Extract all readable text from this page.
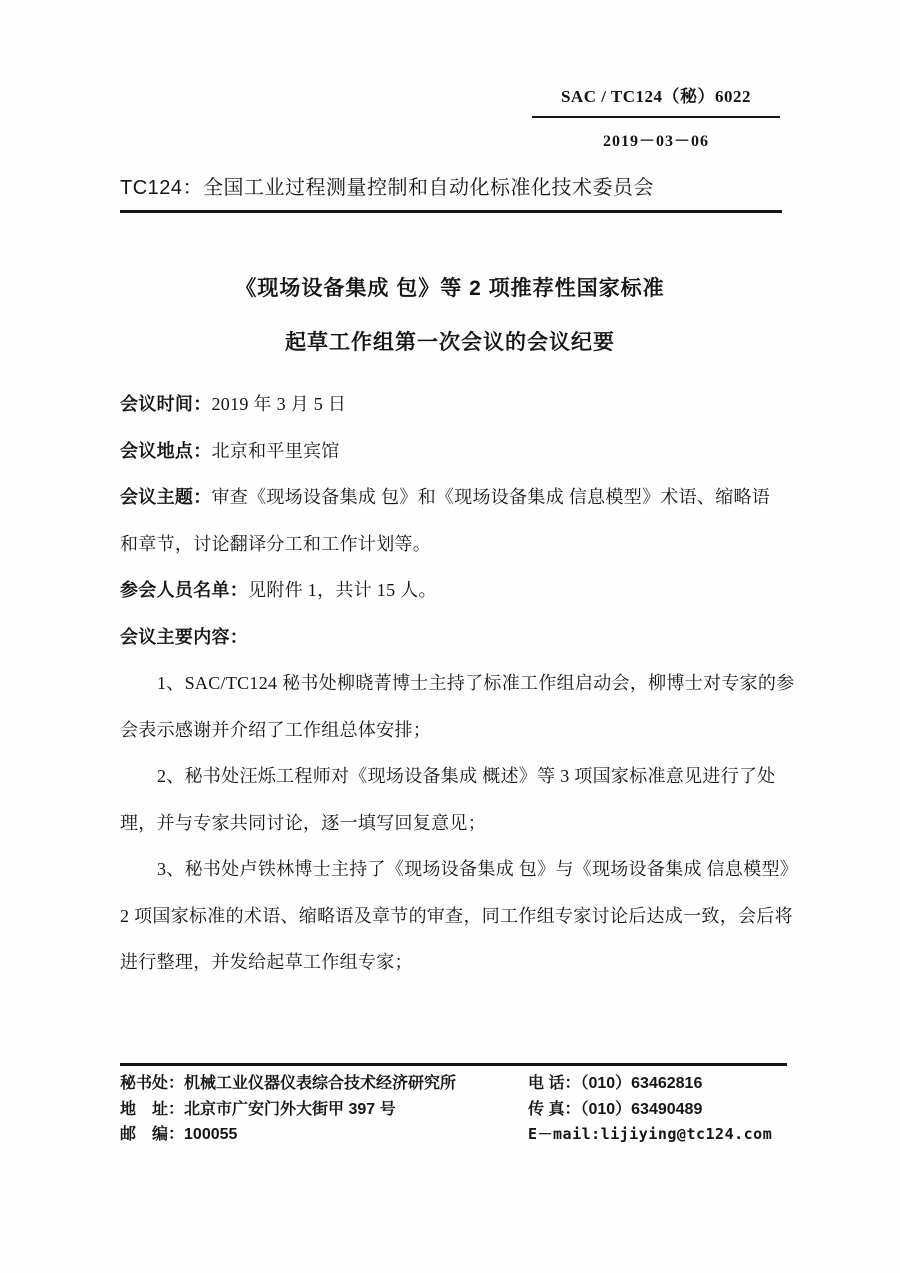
SAC / TC124（秘）6022
2019－03－06
TC124：全国工业过程测量控制和自动化标准化技术委员会
《现场设备集成 包》等 2 项推荐性国家标准
起草工作组第一次会议的会议纪要
会议时间：2019 年 3 月 5 日
会议地点：北京和平里宾馆
会议主题：审查《现场设备集成 包》和《现场设备集成 信息模型》术语、缩略语
和章节，讨论翻译分工和工作计划等。
参会人员名单：见附件 1，共计 15 人。
会议主要内容：
1、SAC/TC124 秘书处柳晓菁博士主持了标准工作组启动会，柳博士对专家的参
会表示感谢并介绍了工作组总体安排；
2、秘书处汪烁工程师对《现场设备集成 概述》等 3 项国家标准意见进行了处
理，并与专家共同讨论，逐一填写回复意见；
3、秘书处卢铁林博士主持了《现场设备集成 包》与《现场设备集成 信息模型》
2 项国家标准的术语、缩略语及章节的审查，同工作组专家讨论后达成一致，会后将
进行整理，并发给起草工作组专家；
秘书处：机械工业仪器仪表综合技术经济研究所
地　址：北京市广安门外大街甲 397 号
邮　编：100055
电 话：（010）63462816
传 真：（010）63490489
E－mail:lijiying@tc124.com
